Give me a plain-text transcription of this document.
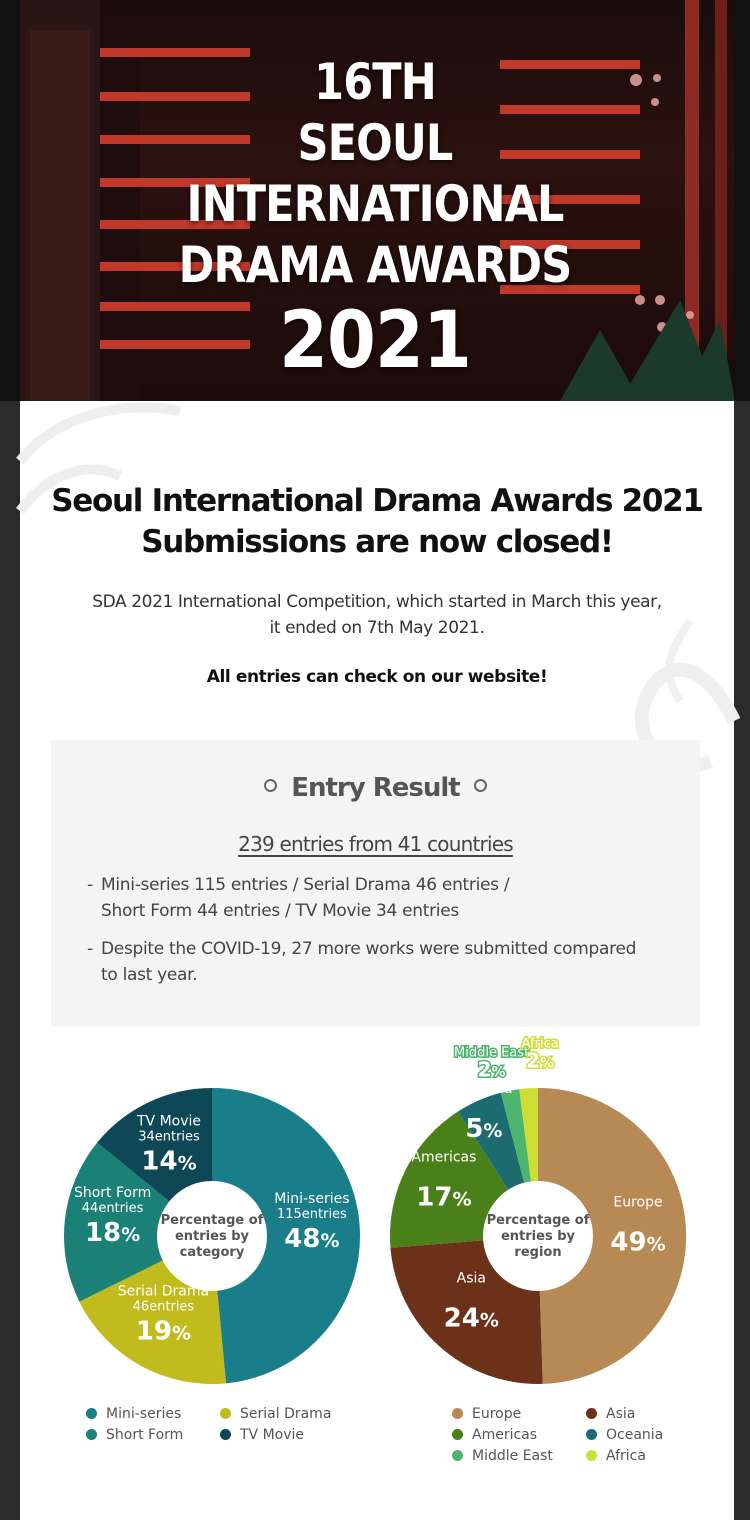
16TH
SEOUL
INTERNATIONAL
DRAMA AWARDS
2021
Seoul International Drama Awards 2021
Submissions are now closed!
SDA 2021 International Competition, which started in March this year,
it ended on 7th May 2021.
All entries can check on our website!
Entry Result
239 entries from 41 countries
- Mini-series 115 entries / Serial Drama 46 entries /
Short Form 44 entries / TV Movie 34 entries
- Despite the COVID-19, 27 more works were submitted compared
to last year.
Percentage of
entries by
category
Mini-series
115entries
48%
Serial Drama
46entries
19%
Short Form
44entries
18%
TV Movie
34entries
14%
Percentage of
entries by
region
Europe
49%
Asia
24%
Americas
17%
Oceania
5%
Middle East
2%
Africa
2%
Mini-series	Serial Drama
Short Form	TV Movie
Europe	Asia
Americas	Oceania
Middle East	Africa
